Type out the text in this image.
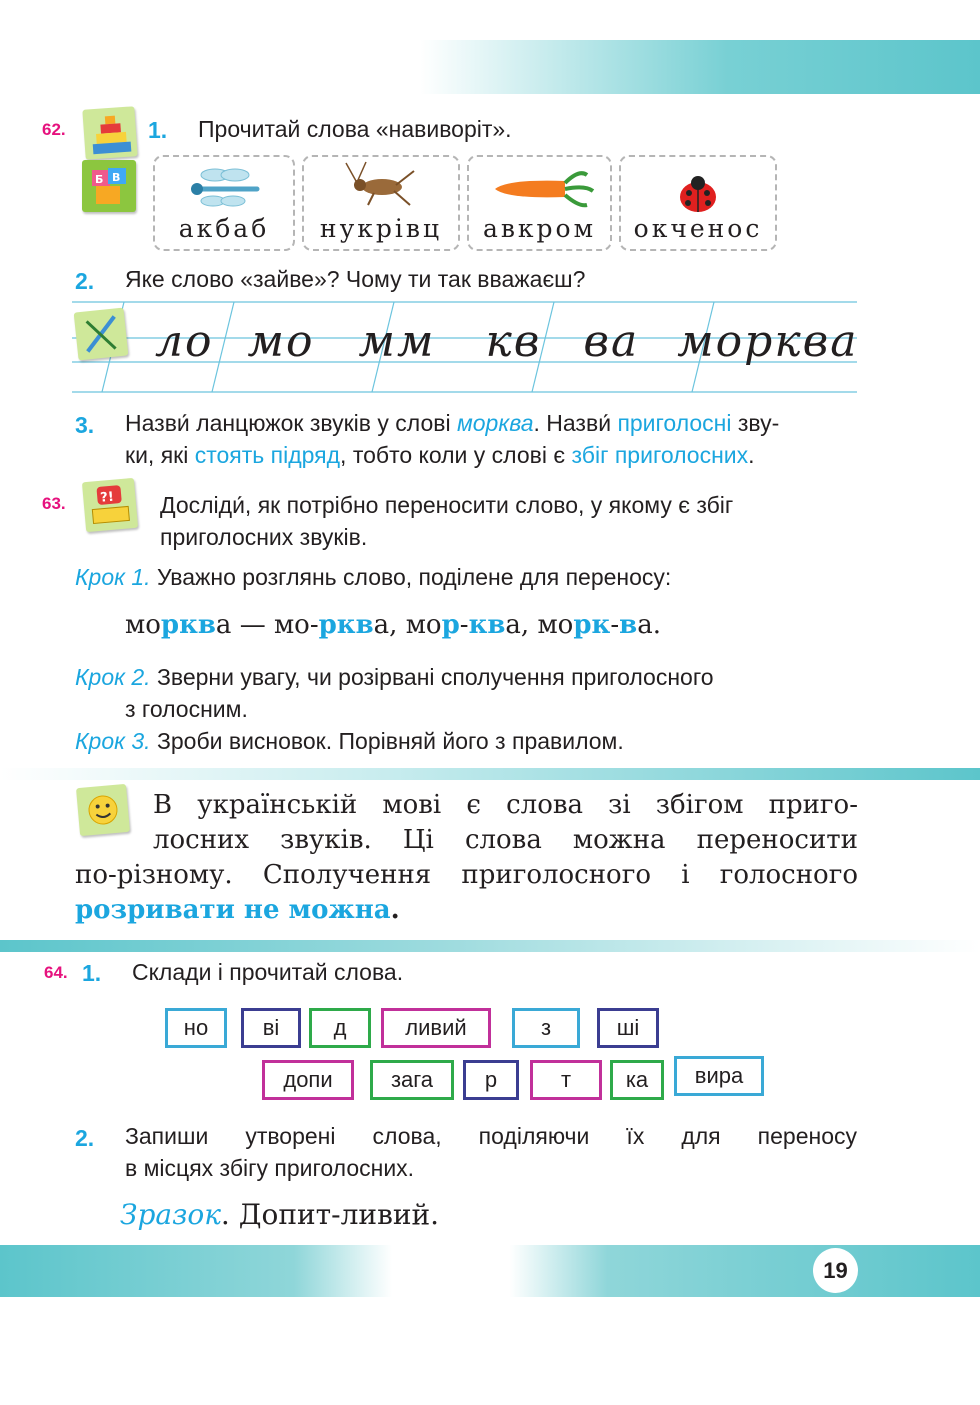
62.
Б В
1. Прочитай слова «навиворіт».
акбаб	нукрівц	авкром	окченос
2. Яке слово «зайве»? Чому ти так вважаєш?
ло мо мм кв ва морква
3. Назви́ ланцюжок звуків у слові морква. Назви́ приголосні зву-
ки, які стоять підряд, тобто коли у слові є збіг приголосних.
63.	?! Досліди́, як потрібно переносити слово, у якому є збіг
приголосних звуків.
Крок 1. Уважно розглянь слово, поділене для переносу:
морква — мо-рква, мор-ква, морк-ва.
Крок 2. Зверни увагу, чи розірвані сполучення приголосного
з голосним.
Крок 3. Зроби висновок. Порівняй його з правилом.
В українській мові є слова зі збігом приго-
лосних звуків. Ці слова можна переносити
по-різному. Сполучення приголосного і голосного
розривати не можна.
64. 1. Склади і прочитай слова.
но	ві	д	ливий	з	ші
допи	зага	р	т	ка	вира
2. Запиши утворені слова, поділяючи їх для переносу
в місцях збігу приголосних.
Зразок. Допит-ливий.
19
